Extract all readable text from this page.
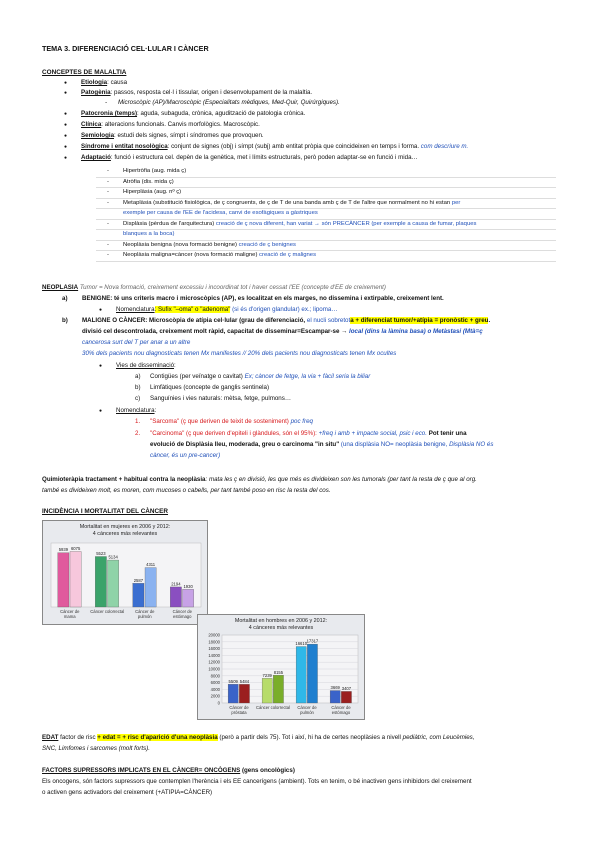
TEMA 3. DIFERENCIACIÓ CEL·LULAR I CÀNCER
CONCEPTES DE MALALTIA
● Etiologia: causa
● Patogènia: passos, resposta cel·l i tissular, origen i desenvolupament de la malaltia.
- Microscòpic (AP)/Macroscòpic (Especialitats mèdiques, Med-Quir, Quirúrgiques).
● Patocronia (temps): aguda, subaguda, crònica, agudització de patologia crònica.
● Clínica: alteracions funcionals. Canvis morfològics. Macroscòpic.
● Semiologia: estudi dels signes, símpt i síndromes que provoquen.
● Síndrome i entitat nosològica: conjunt de signes (obj) i símpt (subj) amb entitat pròpia que coincideixen en temps i forma. com descriure m.
● Adaptació: funció i estructura cel. depèn de la genètica, met i límits estructurals, però poden adaptar-se en funció i mida…
-	Hipertròfia (aug. mida ç)
-	Atròfia (dis. mida ç)
-	Hiperplàsia (aug. nº ç)
-	Metaplàsia (substitució fisiològica, de ç congruents, de ç de T de una banda amb ç de T de l'altre que normalment no hi estan per
	exemple per causa de l'EE de l'acidesa, canvi de esofàgiques a gàstriques
-	Displàsia (pèrdua de l'arquitectura) creació de ç nova diferent, han variat → són PRECÀNCER (per exemple a causa de fumar, plaques
	blanques a la boca)
-	Neoplàsia benigna (nova formació benigne) creació de ç benignes
-	Neoplàsia maligna=càncer (nova formació maligne) creació de ç malignes
NEOPLASIA Tumor = Nova formació, creixement excessiu i incoordinat tot i haver cessat l'EE (concepte d'EE de creixement)
a) BENIGNE: té uns criteris macro i microscòpics (AP), es localitzat en els marges, no dissemina i extirpable, creixement lent.
● Nomenclatura: Sufix "–oma" o "adenoma" (si és d'origen glandular) ex.; lipoma…
b) MALIGNE O CÀNCER: Microscòpia de atípia cel·lular (grau de diferenciació, el nucli sobretota + diferenciat tumor/+atípia = pronòstic + greu.
divisió cel descontrolada, creixement molt ràpid, capacitat de disseminar=Escampar-se → local (dins la làmina basa) o Metàstasi (Mtà=ç
cancerosa surt del T per anar a un altre
30% dels pacients nou diagnosticats tenen Mx manifestes // 20% dels pacients nou diagnosticats tenen Mx ocultes
● Vies de disseminació:
a) Contigües (per veïnatge o cavitat) Ex; càncer de fetge, la via + fàcil seria la biliar
b) Limfàtiques (concepte de ganglis sentinela)
c) Sanguínies i vies naturals: mètsa, fetge, pulmons…
● Nomenclatura:
1. "Sarcoma" (ç que deriven de teixit de sosteniment) poc freq
2. "Carcinoma" (ç que deriven d'epiteli i glàndules, són el 95%): +freq i amb + impacte social, psic i eco. Pot tenir una
evolució de Displàsia lleu, moderada, greu o carcinoma "in situ" (una displàsia NO= neoplàsia benigne, Displàsia NO és
càncer, és un pre-cancer)
Quimioteràpia tractament + habitual contra la neoplàsia: mata les ç en divisió, les que més es divideixen son les tumorals (per tant la resta de ç que al org.
també es divideixen molt, es moren, com mucoses o cabells, per tant també poso en risc la resta del cos.
INCIDÈNCIA I MORTALITAT DEL CÀNCER
Mortalitat en mujeres en 2006 y 2012:
4 cánceres más relevantes
5939 6075
5523
5134
2587
4311
2194 1930
Cáncer de
mama
Cáncer colorrectal	Cáncer de
pulmón
Cáncer de
estómago
Mortalitat en hombres en 2006 y 2012:
4 cánceres más relevantes
0
2000
4000
6000
8000
10000
12000
14000
16000
18000
20000
5509 5484
7239
8155
16610 17317
3669 3407
Cáncer de
próstata
Cáncer colorrectal Cáncer de
pulmón
Cáncer de
estómago
EDAT factor de risc + edat = + risc d'aparició d'una neoplàsia (però a partir dels 75). Tot i així, hi ha de certes neoplàsies a nivell pediàtric, com Leucèmies,
SNC, Limfomes i sarcomes (molt forts).
FACTORS SUPRESSORS IMPLICATS EN EL CÀNCER= ONCÒGENS (gens oncològics)
Els oncogens, són factors supressors que contemplen l'herència i els EE cancerígens (ambient). Tots en tenim, o bé inactiven gens inhibidors del creixement
o activen gens activadors del creixement (+ATIPIA=CÀNCER)
